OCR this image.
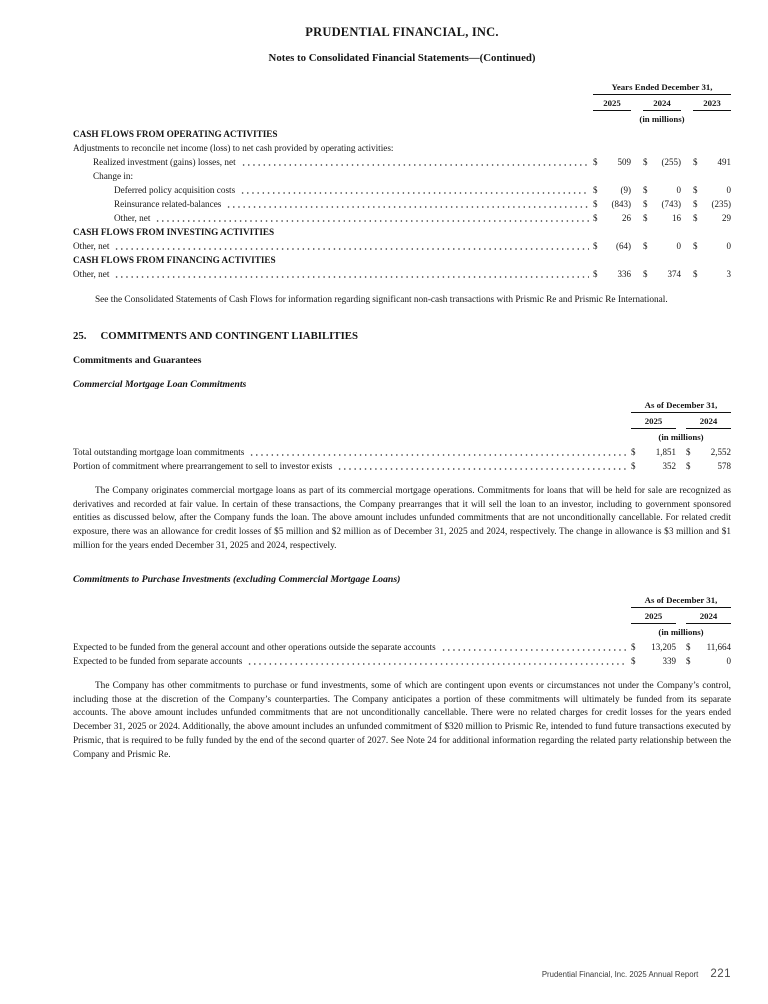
PRUDENTIAL FINANCIAL, INC.
Notes to Consolidated Financial Statements—(Continued)
Years Ended December 31,
2025	2024	2023
(in millions)
CASH FLOWS FROM OPERATING ACTIVITIES
Adjustments to reconcile net income (loss) to net cash provided by operating activities:
Realized investment (gains) losses, net	$ 509 $ (255) $ 491
Change in:
Deferred policy acquisition costs	$	(9) $	0 $	0
Reinsurance related-balances	$ (843) $ (743) $ (235)
Other, net	$	26 $	16 $	29
CASH FLOWS FROM INVESTING ACTIVITIES
Other, net	$ (64) $	0 $	0
CASH FLOWS FROM FINANCING ACTIVITIES
Other, net	$ 336 $ 374 $	3

See the Consolidated Statements of Cash Flows for information regarding significant non-cash transactions with Prismic Re and Prismic Re International.

25. COMMITMENTS AND CONTINGENT LIABILITIES
Commitments and Guarantees
Commercial Mortgage Loan Commitments
As of December 31,
2025	2024
(in millions)
Total outstanding mortgage loan commitments	$ 1,851 $ 2,552
Portion of commitment where prearrangement to sell to investor exists	$	352 $	578

The Company originates commercial mortgage loans as part of its commercial mortgage operations. Commitments for loans that will be held for sale are recognized as derivatives and recorded at fair value. In certain of these transactions, the Company prearranges that it will sell the loan to an investor, including to government sponsored entities as discussed below, after the Company funds the loan. The above amount includes unfunded commitments that are not unconditionally cancellable. For related credit exposure, there was an allowance for credit losses of $5 million and $2 million as of December 31, 2025 and 2024, respectively. The change in allowance is $3 million and $1 million for the years ended December 31, 2025 and 2024, respectively.

Commitments to Purchase Investments (excluding Commercial Mortgage Loans)
As of December 31,
2025	2024
(in millions)
Expected to be funded from the general account and other operations outside the separate accounts	$ 13,205 $ 11,664
Expected to be funded from separate accounts	$	339 $	0

The Company has other commitments to purchase or fund investments, some of which are contingent upon events or circumstances not under the Company’s control, including those at the discretion of the Company’s counterparties. The Company anticipates a portion of these commitments will ultimately be funded from its separate accounts. The above amount includes unfunded commitments that are not unconditionally cancellable. There were no related charges for credit losses for the years ended December 31, 2025 or 2024. Additionally, the above amount includes an unfunded commitment of $320 million to Prismic Re, intended to fund future transactions executed by Prismic, that is required to be fully funded by the end of the second quarter of 2027. See Note 24 for additional information regarding the related party relationship between the Company and Prismic Re.

Prudential Financial, Inc. 2025 Annual Report 221
